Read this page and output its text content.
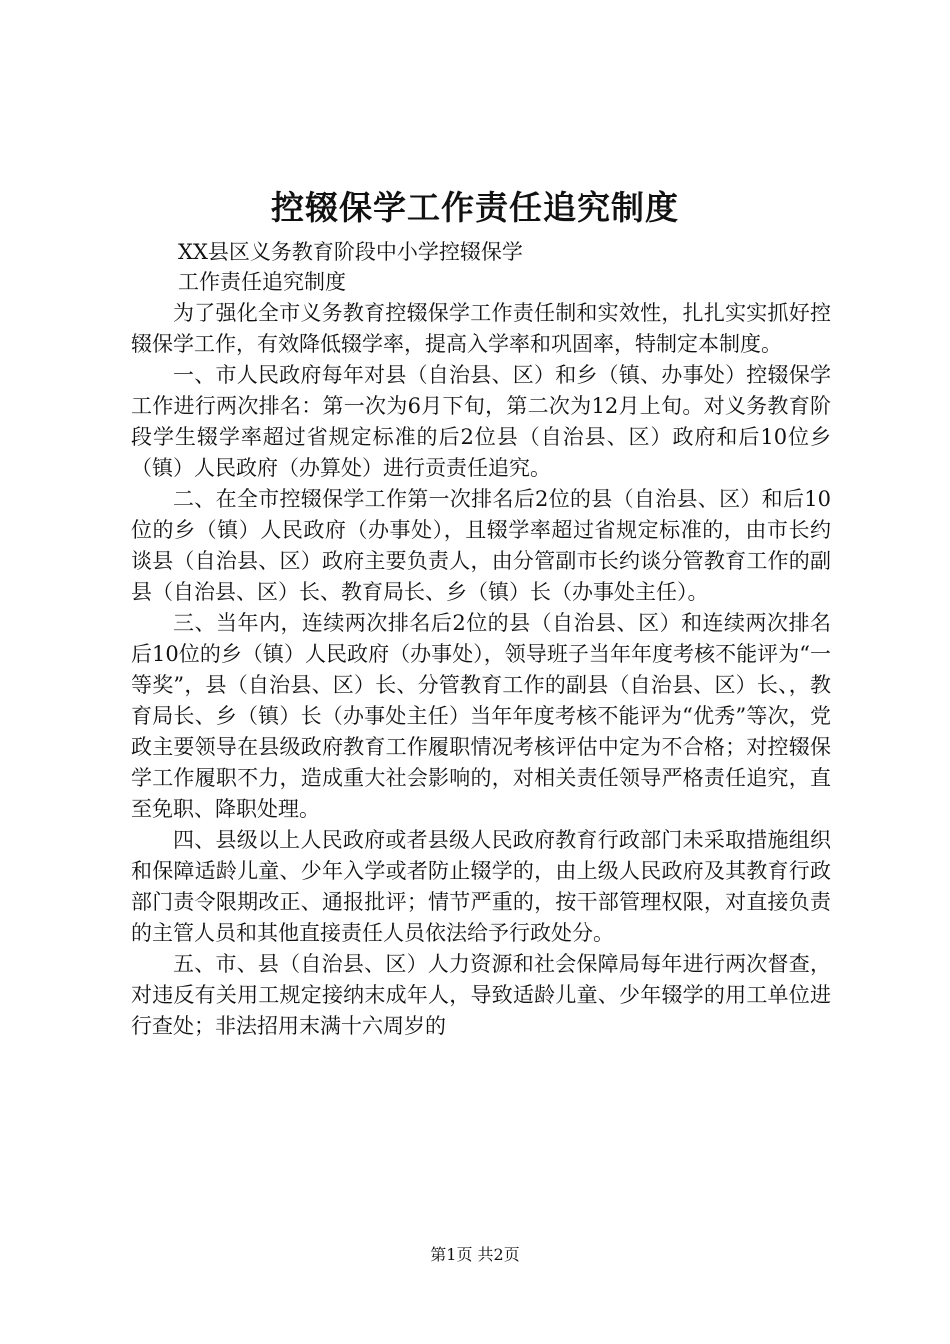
控辍保学工作责任追究制度
XX县区义务教育阶段中小学控辍保学
工作责任追究制度

为了强化全市义务教育控辍保学工作责任制和实效性，扎扎实实抓好控辍保学工作，有效降低辍学率，提高入学率和巩固率，特制定本制度。

一、市人民政府每年对县（自治县、区）和乡（镇、办事处）控辍保学工作进行两次排名：第一次为6月下旬，第二次为12月上旬。对义务教育阶段学生辍学率超过省规定标准的后2位县（自治县、区）政府和后10位乡（镇）人民政府（办算处）进行贡责任追究。

二、在全市控辍保学工作第一次排名后2位的县（自治县、区）和后10位的乡（镇）人民政府（办事处），且辍学率超过省规定标准的，由市长约谈县（自治县、区）政府主要负责人，由分管副市长约谈分管教育工作的副县（自治县、区）长、教育局长、乡（镇）长（办事处主任）。

三、当年内，连续两次排名后2位的县（自治县、区）和连续两次排名后10位的乡（镇）人民政府（办事处），领导班子当年年度考核不能评为“一等奖”，县（自治县、区）长、分管教育工作的副县（自治县、区）长、，教育局长、乡（镇）长（办事处主任）当年年度考核不能评为“优秀”等次，党政主要领导在县级政府教育工作履职情况考核评估中定为不合格；对控辍保学工作履职不力，造成重大社会影响的，对相关责任领导严格责任追究，直至免职、降职处理。

四、县级以上人民政府或者县级人民政府教育行政部门未采取措施组织和保障适龄儿童、少年入学或者防止辍学的，由上级人民政府及其教育行政部门责令限期改正、通报批评；情节严重的，按干部管理权限，对直接负责的主管人员和其他直接责任人员依法给予行政处分。

五、市、县（自治县、区）人力资源和社会保障局每年进行两次督查，对违反有关用工规定接纳末成年人，导致适龄儿童、少年辍学的用工单位进行查处；非法招用末满十六周岁的

第1页 共2页
